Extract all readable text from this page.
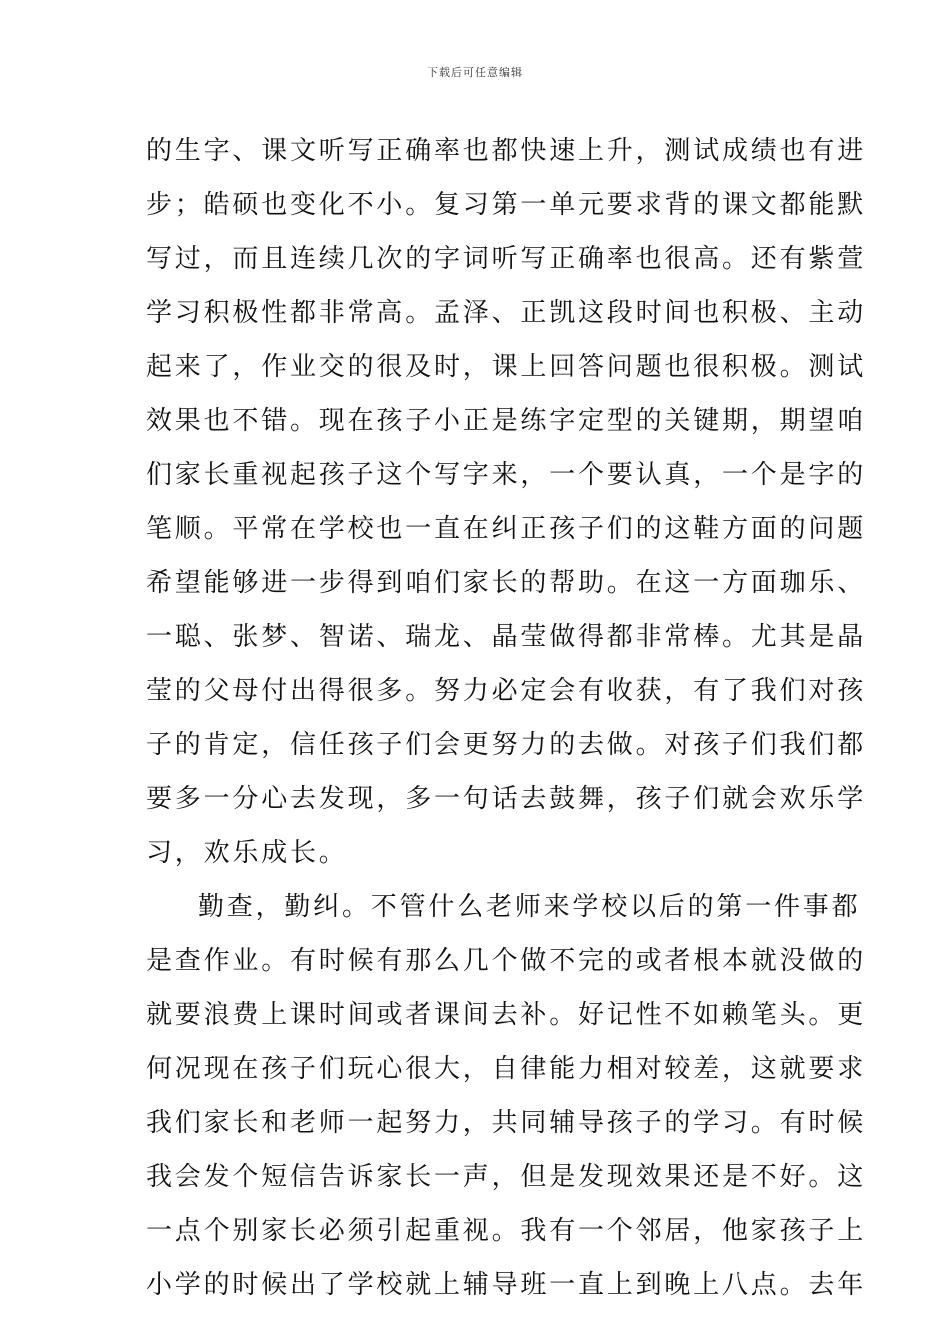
下载后可任意编辑
的生字、课文听写正确率也都快速上升，测试成绩也有进
步；皓硕也变化不小。复习第一单元要求背的课文都能默
写过，而且连续几次的字词听写正确率也很高。还有紫萱
学习积极性都非常高。孟泽、正凯这段时间也积极、主动
起来了，作业交的很及时，课上回答问题也很积极。测试
效果也不错。现在孩子小正是练字定型的关键期，期望咱
们家长重视起孩子这个写字来，一个要认真，一个是字的
笔顺。平常在学校也一直在纠正孩子们的这鞋方面的问题
希望能够进一步得到咱们家长的帮助。在这一方面珈乐、
一聪、张梦、智诺、瑞龙、晶莹做得都非常棒。尤其是晶
莹的父母付出得很多。努力必定会有收获，有了我们对孩
子的肯定，信任孩子们会更努力的去做。对孩子们我们都
要多一分心去发现，多一句话去鼓舞，孩子们就会欢乐学
习，欢乐成长。
勤查，勤纠。不管什么老师来学校以后的第一件事都
是查作业。有时候有那么几个做不完的或者根本就没做的
就要浪费上课时间或者课间去补。好记性不如赖笔头。更
何况现在孩子们玩心很大，自律能力相对较差，这就要求
我们家长和老师一起努力，共同辅导孩子的学习。有时候
我会发个短信告诉家长一声，但是发现效果还是不好。这
一点个别家长必须引起重视。我有一个邻居，他家孩子上
小学的时候出了学校就上辅导班一直上到晚上八点。去年
